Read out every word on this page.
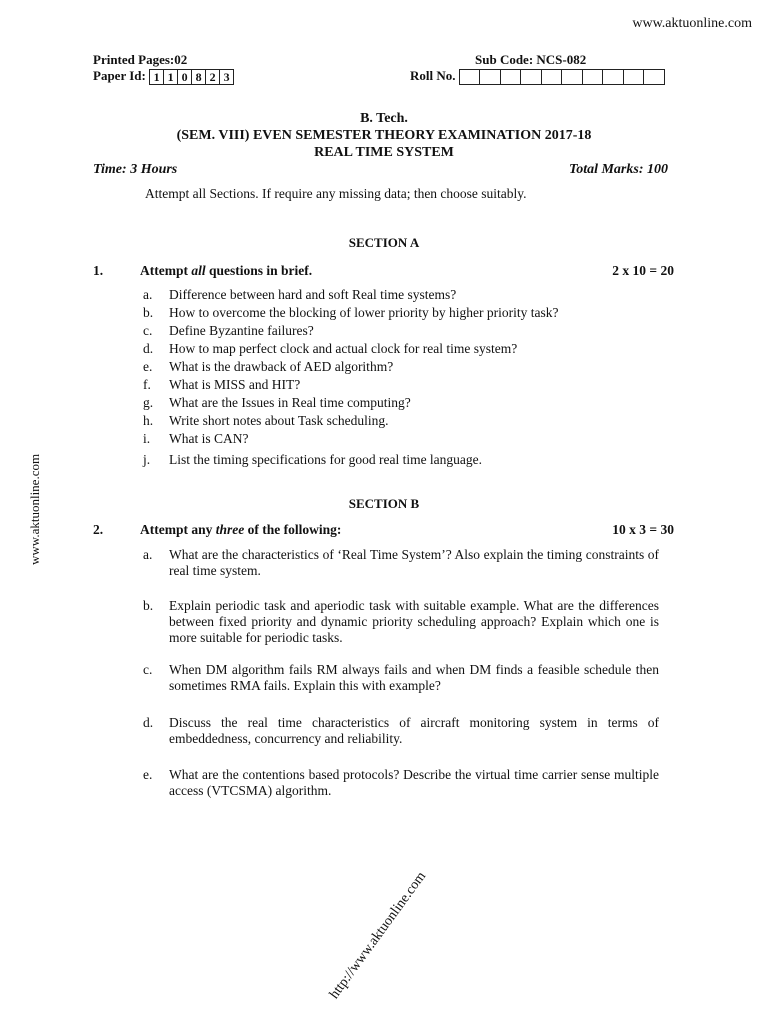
www.aktuonline.com
Printed Pages:02	Sub Code: NCS-082
Paper Id: 1 1 0 8 2 3	Roll No.
B. Tech.
(SEM. VIII) EVEN SEMESTER THEORY EXAMINATION 2017-18
REAL TIME SYSTEM
Time: 3 Hours	Total Marks: 100
Attempt all Sections. If require any missing data; then choose suitably.
SECTION A
1.	Attempt all questions in brief.	2 x 10 = 20
a. Difference between hard and soft Real time systems?
b. How to overcome the blocking of lower priority by higher priority task?
c. Define Byzantine failures?
d. How to map perfect clock and actual clock for real time system?
e. What is the drawback of AED algorithm?
f. What is MISS and HIT?
g. What are the Issues in Real time computing?
h. Write short notes about Task scheduling.
i. What is CAN?
j. List the timing specifications for good real time language.
SECTION B
2.	Attempt any three of the following:	10 x 3 = 30
a. What are the characteristics of ‘Real Time System’? Also explain the timing constraints of real time system.
b. Explain periodic task and aperiodic task with suitable example. What are the differences between fixed priority and dynamic priority scheduling approach? Explain which one is more suitable for periodic tasks.
c. When DM algorithm fails RM always fails and when DM finds a feasible schedule then sometimes RMA fails. Explain this with example?
d. Discuss the real time characteristics of aircraft monitoring system in terms of embeddedness, concurrency and reliability.
e. What are the contentions based protocols? Describe the virtual time carrier sense multiple access (VTCSMA) algorithm.
www.aktuonline.com
http://www.aktuonline.com
